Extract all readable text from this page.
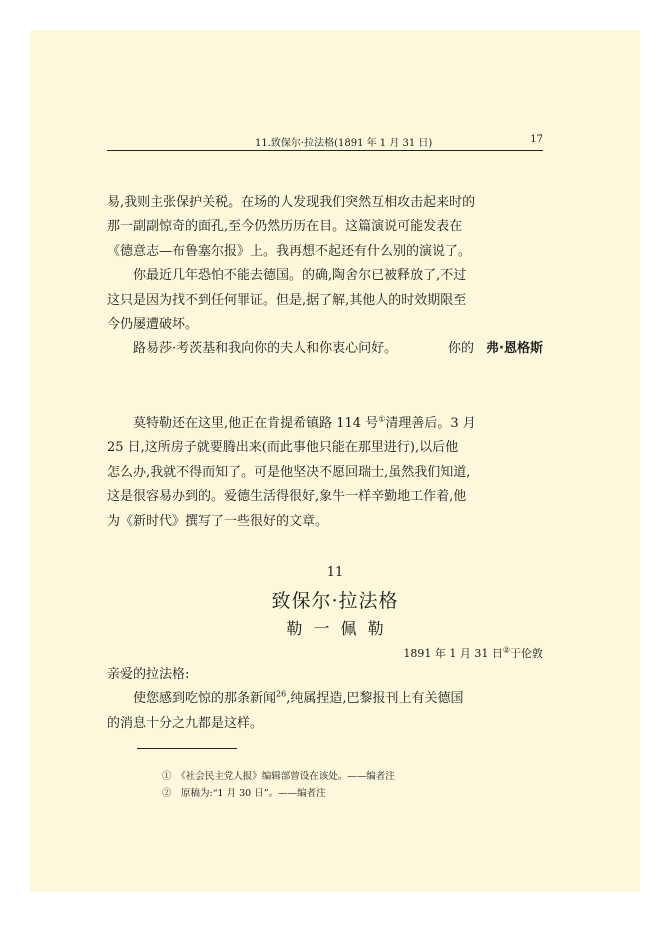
11.致保尔·拉法格(1891 年 1 月 31 日)	17
易,我则主张保护关税。在场的人发现我们突然互相攻击起来时的
那一副副惊奇的面孔,至今仍然历历在目。这篇演说可能发表在
《德意志—布鲁塞尔报》上。我再想不起还有什么别的演说了。
　　你最近几年恐怕不能去德国。的确,陶舍尔已被释放了,不过
这只是因为找不到任何罪证。但是,据了解,其他人的时效期限至
今仍屡遭破坏。
　　路易莎·考茨基和我向你的夫人和你衷心问好。	你的 弗·恩格斯
　　莫特勒还在这里,他正在肯提希镇路 114 号①清理善后。3 月
25 日,这所房子就要腾出来(而此事他只能在那里进行),以后他
怎么办,我就不得而知了。可是他坚决不愿回瑞士,虽然我们知道,
这是很容易办到的。爱德生活得很好,象牛一样辛勤地工作着,他
为《新时代》撰写了一些很好的文章。
11
致保尔·拉法格
勒 一 佩 勒
1891 年 1 月 31 日②于伦敦
亲爱的拉法格:
　　使您感到吃惊的那条新闻$^{26}$,纯属捏造,巴黎报刊上有关德国
的消息十分之九都是这样。
①　《社会民主党人报》编辑部曾设在该处。——编者注
②　原稿为:“1 月 30 日”。——编者注
